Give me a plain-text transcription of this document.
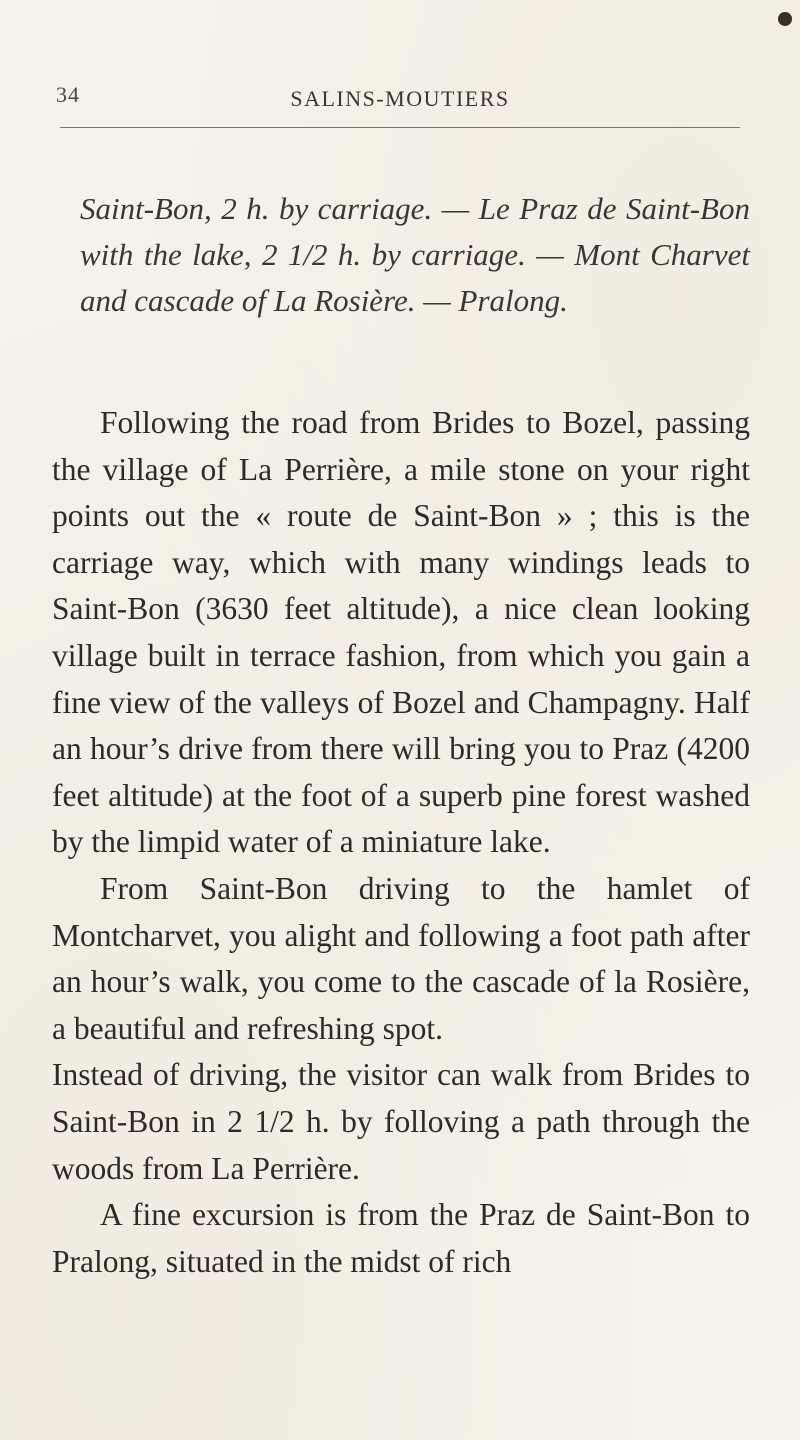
34	SALINS-MOUTIERS
Saint-Bon, 2 h. by carriage. — Le Praz de Saint-Bon with the lake, 2 1/2 h. by carriage. — Mont Charvet and cascade of La Rosière. — Pralong.

Following the road from Brides to Bozel, passing the village of La Perrière, a mile stone on your right points out the « route de Saint-Bon » ; this is the carriage way, which with many windings leads to Saint-Bon (3630 feet altitude), a nice clean looking village built in terrace fashion, from which you gain a fine view of the valleys of Bozel and Champagny. Half an hour’s drive from there will bring you to Praz (4200 feet altitude) at the foot of a superb pine forest washed by the limpid water of a miniature lake.

From Saint-Bon driving to the hamlet of Montcharvet, you alight and following a foot path after an hour’s walk, you come to the cascade of la Rosière, a beautiful and refreshing spot.

Instead of driving, the visitor can walk from Brides to Saint-Bon in 2 1/2 h. by folloving a path through the woods from La Perrière.

A fine excursion is from the Praz de Saint-Bon to Pralong, situated in the midst of rich
